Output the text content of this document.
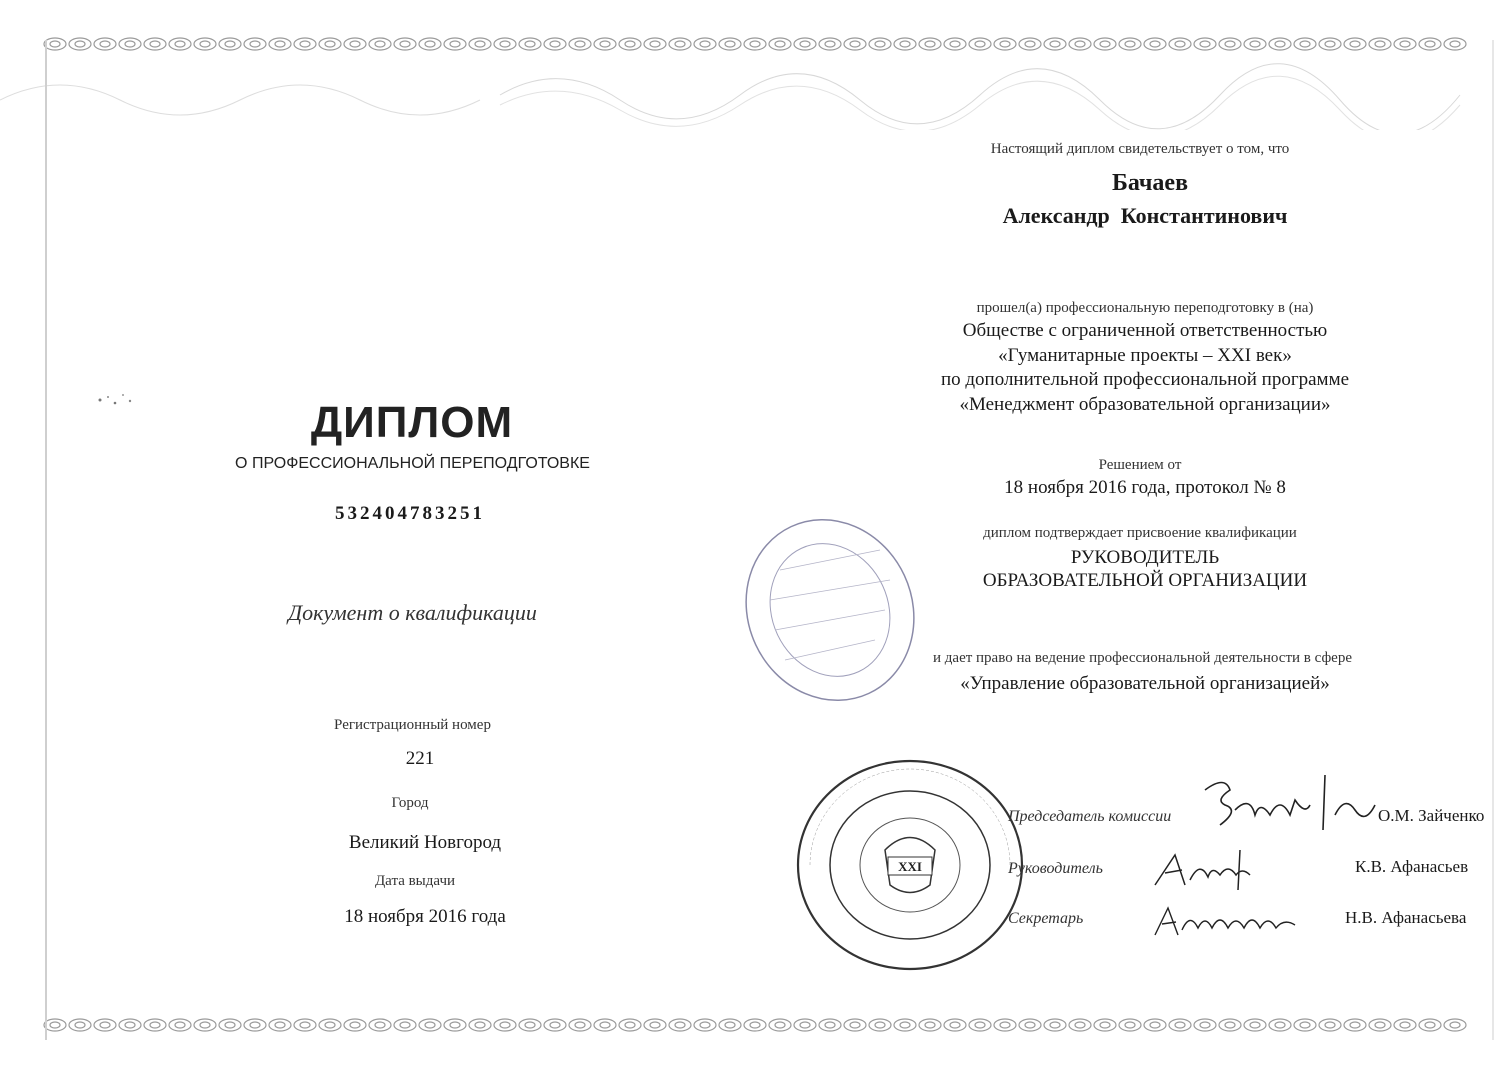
ДИПЛОМ
О ПРОФЕССИОНАЛЬНОЙ ПЕРЕПОДГОТОВКЕ
532404783251
Документ о квалификации
Регистрационный номер
221
Город
Великий Новгород
Дата выдачи
18 ноября 2016 года
Настоящий диплом свидетельствует о том, что
Бачаев
Александр  Константинович
прошел(а) профессиональную переподготовку в (на)
Обществе с ограниченной ответственностью
«Гуманитарные проекты – XXI век»
по дополнительной профессиональной программе
«Менеджмент образовательной организации»
Решением от
18 ноября 2016 года, протокол № 8
диплом подтверждает присвоение квалификации
РУКОВОДИТЕЛЬ
ОБРАЗОВАТЕЛЬНОЙ ОРГАНИЗАЦИИ
и дает право на ведение профессиональной деятельности в сфере
«Управление образовательной организацией»
Председатель комиссии	О.М. Зайченко
Руководитель	К.В. Афанасьев
Секретарь	Н.В. Афанасьева
ХХI
